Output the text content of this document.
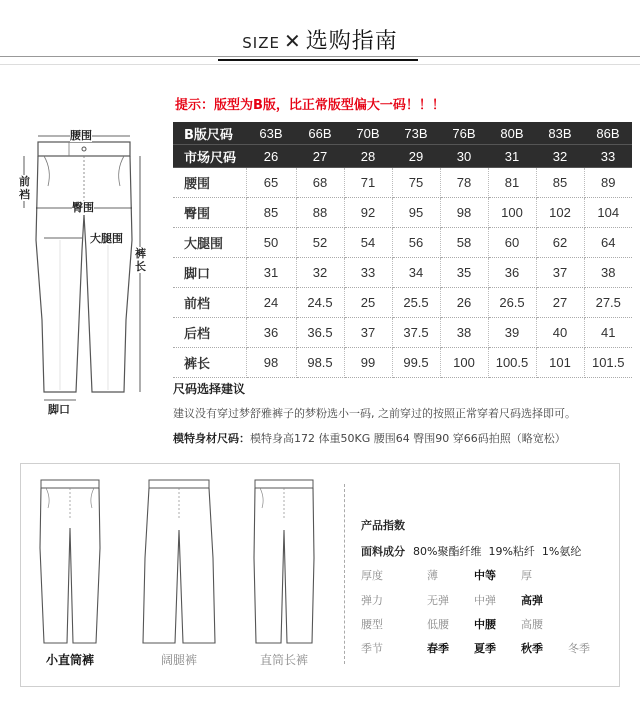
SIZE ✕ 选购指南
腰围
前裆
臀围
大腿围
裤长
脚口
提示：版型为B版，比正常版型偏大一码！！！
B版尺码	63B	66B	70B	73B	76B	80B	83B	86B
市场尺码	26	27	28	29	30	31	32	33
腰围	65	68	71	75	78	81	85	89
臀围	85	88	92	95	98	100	102	104
大腿围	50	52	54	56	58	60	62	64
脚口	31	32	33	34	35	36	37	38
前档	24	24.5	25	25.5	26	26.5	27	27.5
后档	36	36.5	37	37.5	38	39	40	41
裤长	98	98.5	99	99.5	100	100.5	101	101.5
尺码选择建议
建议没有穿过梦舒雅裤子的梦粉选小一码, 之前穿过的按照正常穿着尺码选择即可。
模特身材尺码：模特身高172 体重50KG 腰围64 臀围90 穿66码拍照（略宽松）
小直筒裤	阔腿裤	直筒长裤
产品指数
面料成分 80%聚酯纤维 19%粘纤 1%氨纶
厚度	薄	中等 厚
弹力	无弹 中弹 高弹
腰型	低腰 中腰 高腰
季节	春季 夏季 秋季 冬季
